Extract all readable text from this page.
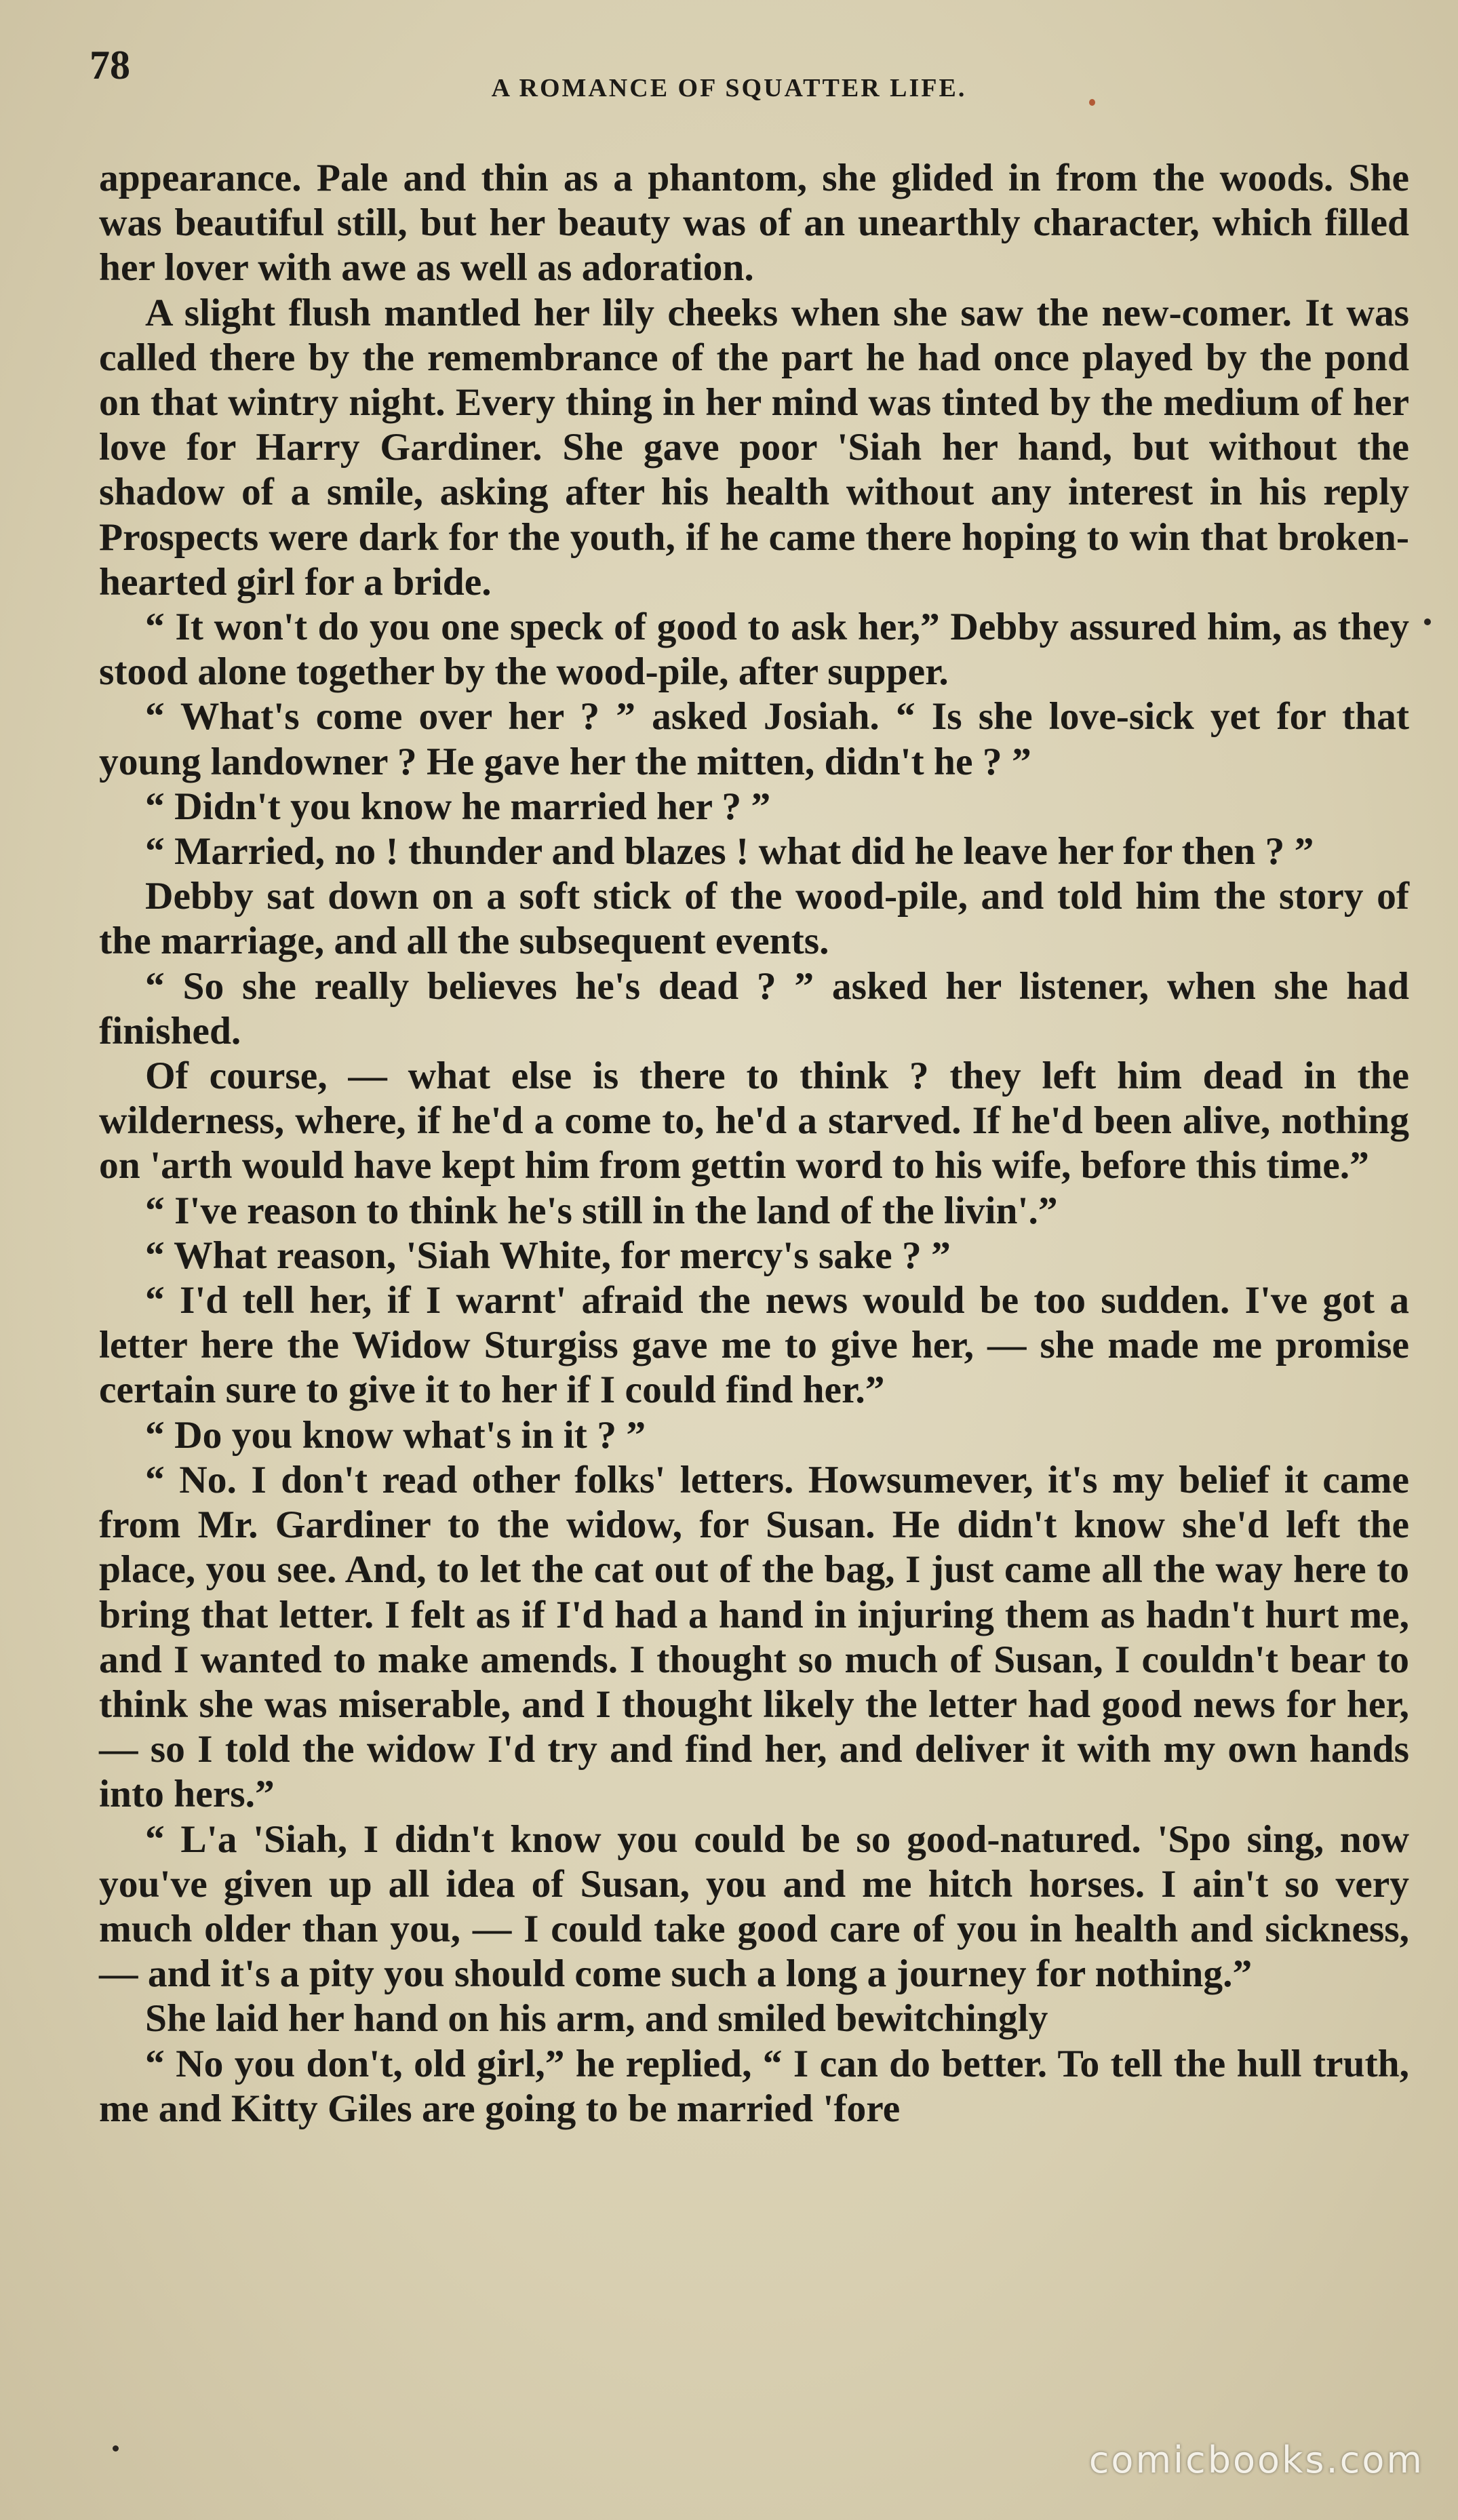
78
A ROMANCE OF SQUATTER LIFE.

appearance. Pale and thin as a phantom, she glided in from the woods. She was beautiful still, but her beauty was of an unearthly character, which filled her lover with awe as well as adoration.

A slight flush mantled her lily cheeks when she saw the new-comer. It was called there by the remembrance of the part he had once played by the pond on that wintry night. Every thing in her mind was tinted by the medium of her love for Harry Gardiner. She gave poor 'Siah her hand, but without the shadow of a smile, asking after his health without any interest in his reply Prospects were dark for the youth, if he came there hoping to win that broken-hearted girl for a bride.

“ It won't do you one speck of good to ask her,” Debby assured him, as they stood alone together by the wood-pile, after supper.

“ What's come over her ? ” asked Josiah. “ Is she love-sick yet for that young landowner ? He gave her the mitten, didn't he ? ”

“ Didn't you know he married her ? ”

“ Married, no ! thunder and blazes ! what did he leave her for then ? ”

Debby sat down on a soft stick of the wood-pile, and told him the story of the marriage, and all the subsequent events.

“ So she really believes he's dead ? ” asked her listener, when she had finished.

Of course, — what else is there to think ? they left him dead in the wilderness, where, if he'd a come to, he'd a starved. If he'd been alive, nothing on 'arth would have kept him from gettin word to his wife, before this time.”

“ I've reason to think he's still in the land of the livin'.”

“ What reason, 'Siah White, for mercy's sake ? ”

“ I'd tell her, if I warnt' afraid the news would be too sudden. I've got a letter here the Widow Sturgiss gave me to give her, — she made me promise certain sure to give it to her if I could find her.”

“ Do you know what's in it ? ”

“ No. I don't read other folks' letters. Howsumever, it's my belief it came from Mr. Gardiner to the widow, for Susan. He didn't know she'd left the place, you see. And, to let the cat out of the bag, I just came all the way here to bring that letter. I felt as if I'd had a hand in injuring them as hadn't hurt me, and I wanted to make amends. I thought so much of Susan, I couldn't bear to think she was miserable, and I thought likely the letter had good news for her, — so I told the widow I'd try and find her, and deliver it with my own hands into hers.”

“ L'a 'Siah, I didn't know you could be so good-natured. 'Spo sing, now you've given up all idea of Susan, you and me hitch horses. I ain't so very much older than you, — I could take good care of you in health and sickness, — and it's a pity you should come such a long a journey for nothing.”

She laid her hand on his arm, and smiled bewitchingly

“ No you don't, old girl,” he replied, “ I can do better. To tell the hull truth, me and Kitty Giles are going to be married 'fore

comicbooks.com
